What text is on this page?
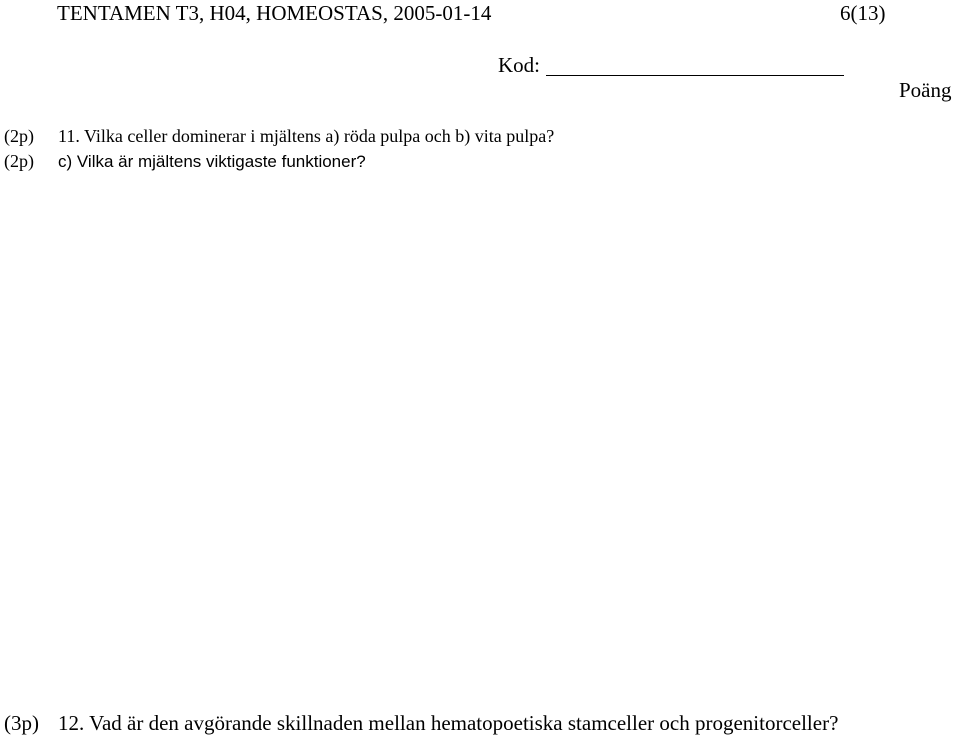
TENTAMEN T3, H04, HOMEOSTAS, 2005-01-14	6(13)
Kod:
Poäng
(2p) 11. Vilka celler dominerar i mjältens a) röda pulpa och b) vita pulpa?
(2p) c) Vilka är mjältens viktigaste funktioner?
(3p) 12. Vad är den avgörande skillnaden mellan hematopoetiska stamceller och progenitorceller?
